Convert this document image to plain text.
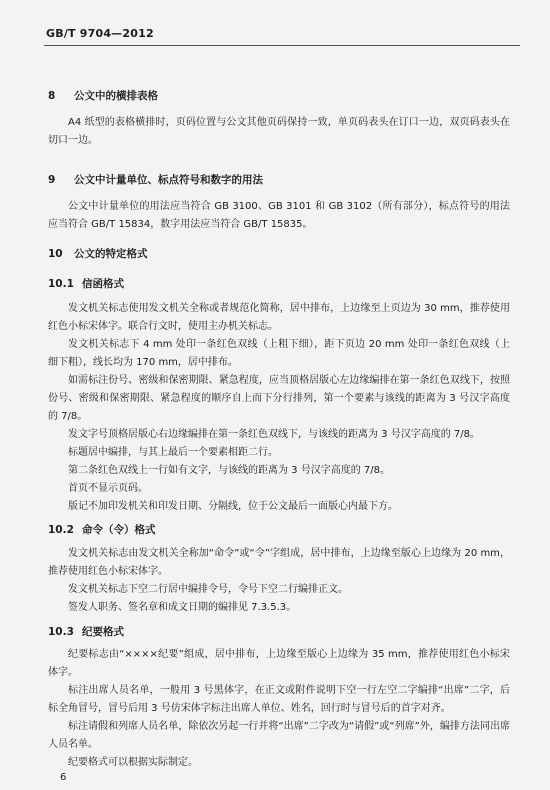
GB/T 9704—2012
8 公文中的横排表格
A4 纸型的表格横排时，页码位置与公文其他页码保持一致，单页码表头在订口一边，双页码表头在切口一边。
9 公文中计量单位、标点符号和数字的用法
公文中计量单位的用法应当符合 GB 3100、GB 3101 和 GB 3102（所有部分），标点符号的用法应当符合 GB/T 15834，数字用法应当符合 GB/T 15835。
10 公文的特定格式
10.1 信函格式
发文机关标志使用发文机关全称或者规范化简称，居中排布，上边缘至上页边为 30 mm，推荐使用红色小标宋体字。联合行文时，使用主办机关标志。
发文机关标志下 4 mm 处印一条红色双线（上粗下细），距下页边 20 mm 处印一条红色双线（上细下粗），线长均为 170 mm，居中排布。
如需标注份号、密级和保密期限、紧急程度，应当顶格居版心左边缘编排在第一条红色双线下，按照份号、密级和保密期限、紧急程度的顺序自上而下分行排列，第一个要素与该线的距离为 3 号汉字高度的 7/8。
发文字号顶格居版心右边缘编排在第一条红色双线下，与该线的距离为 3 号汉字高度的 7/8。
标题居中编排，与其上最后一个要素相距二行。
第二条红色双线上一行如有文字，与该线的距离为 3 号汉字高度的 7/8。
首页不显示页码。
版记不加印发机关和印发日期、分隔线，位于公文最后一面版心内最下方。
10.2 命令（令）格式
发文机关标志由发文机关全称加“命令”或“令”字组成，居中排布，上边缘至版心上边缘为 20 mm，推荐使用红色小标宋体字。
发文机关标志下空二行居中编排令号，令号下空二行编排正文。
签发人职务、签名章和成文日期的编排见 7.3.5.3。
10.3 纪要格式
纪要标志由“××××纪要”组成，居中排布，上边缘至版心上边缘为 35 mm，推荐使用红色小标宋体字。
标注出席人员名单，一般用 3 号黑体字，在正文或附件说明下空一行左空二字编排“出席”二字，后标全角冒号，冒号后用 3 号仿宋体字标注出席人单位、姓名，回行时与冒号后的首字对齐。
标注请假和列席人员名单，除依次另起一行并将“出席”二字改为“请假”或“列席”外，编排方法同出席人员名单。
纪要格式可以根据实际制定。
6
